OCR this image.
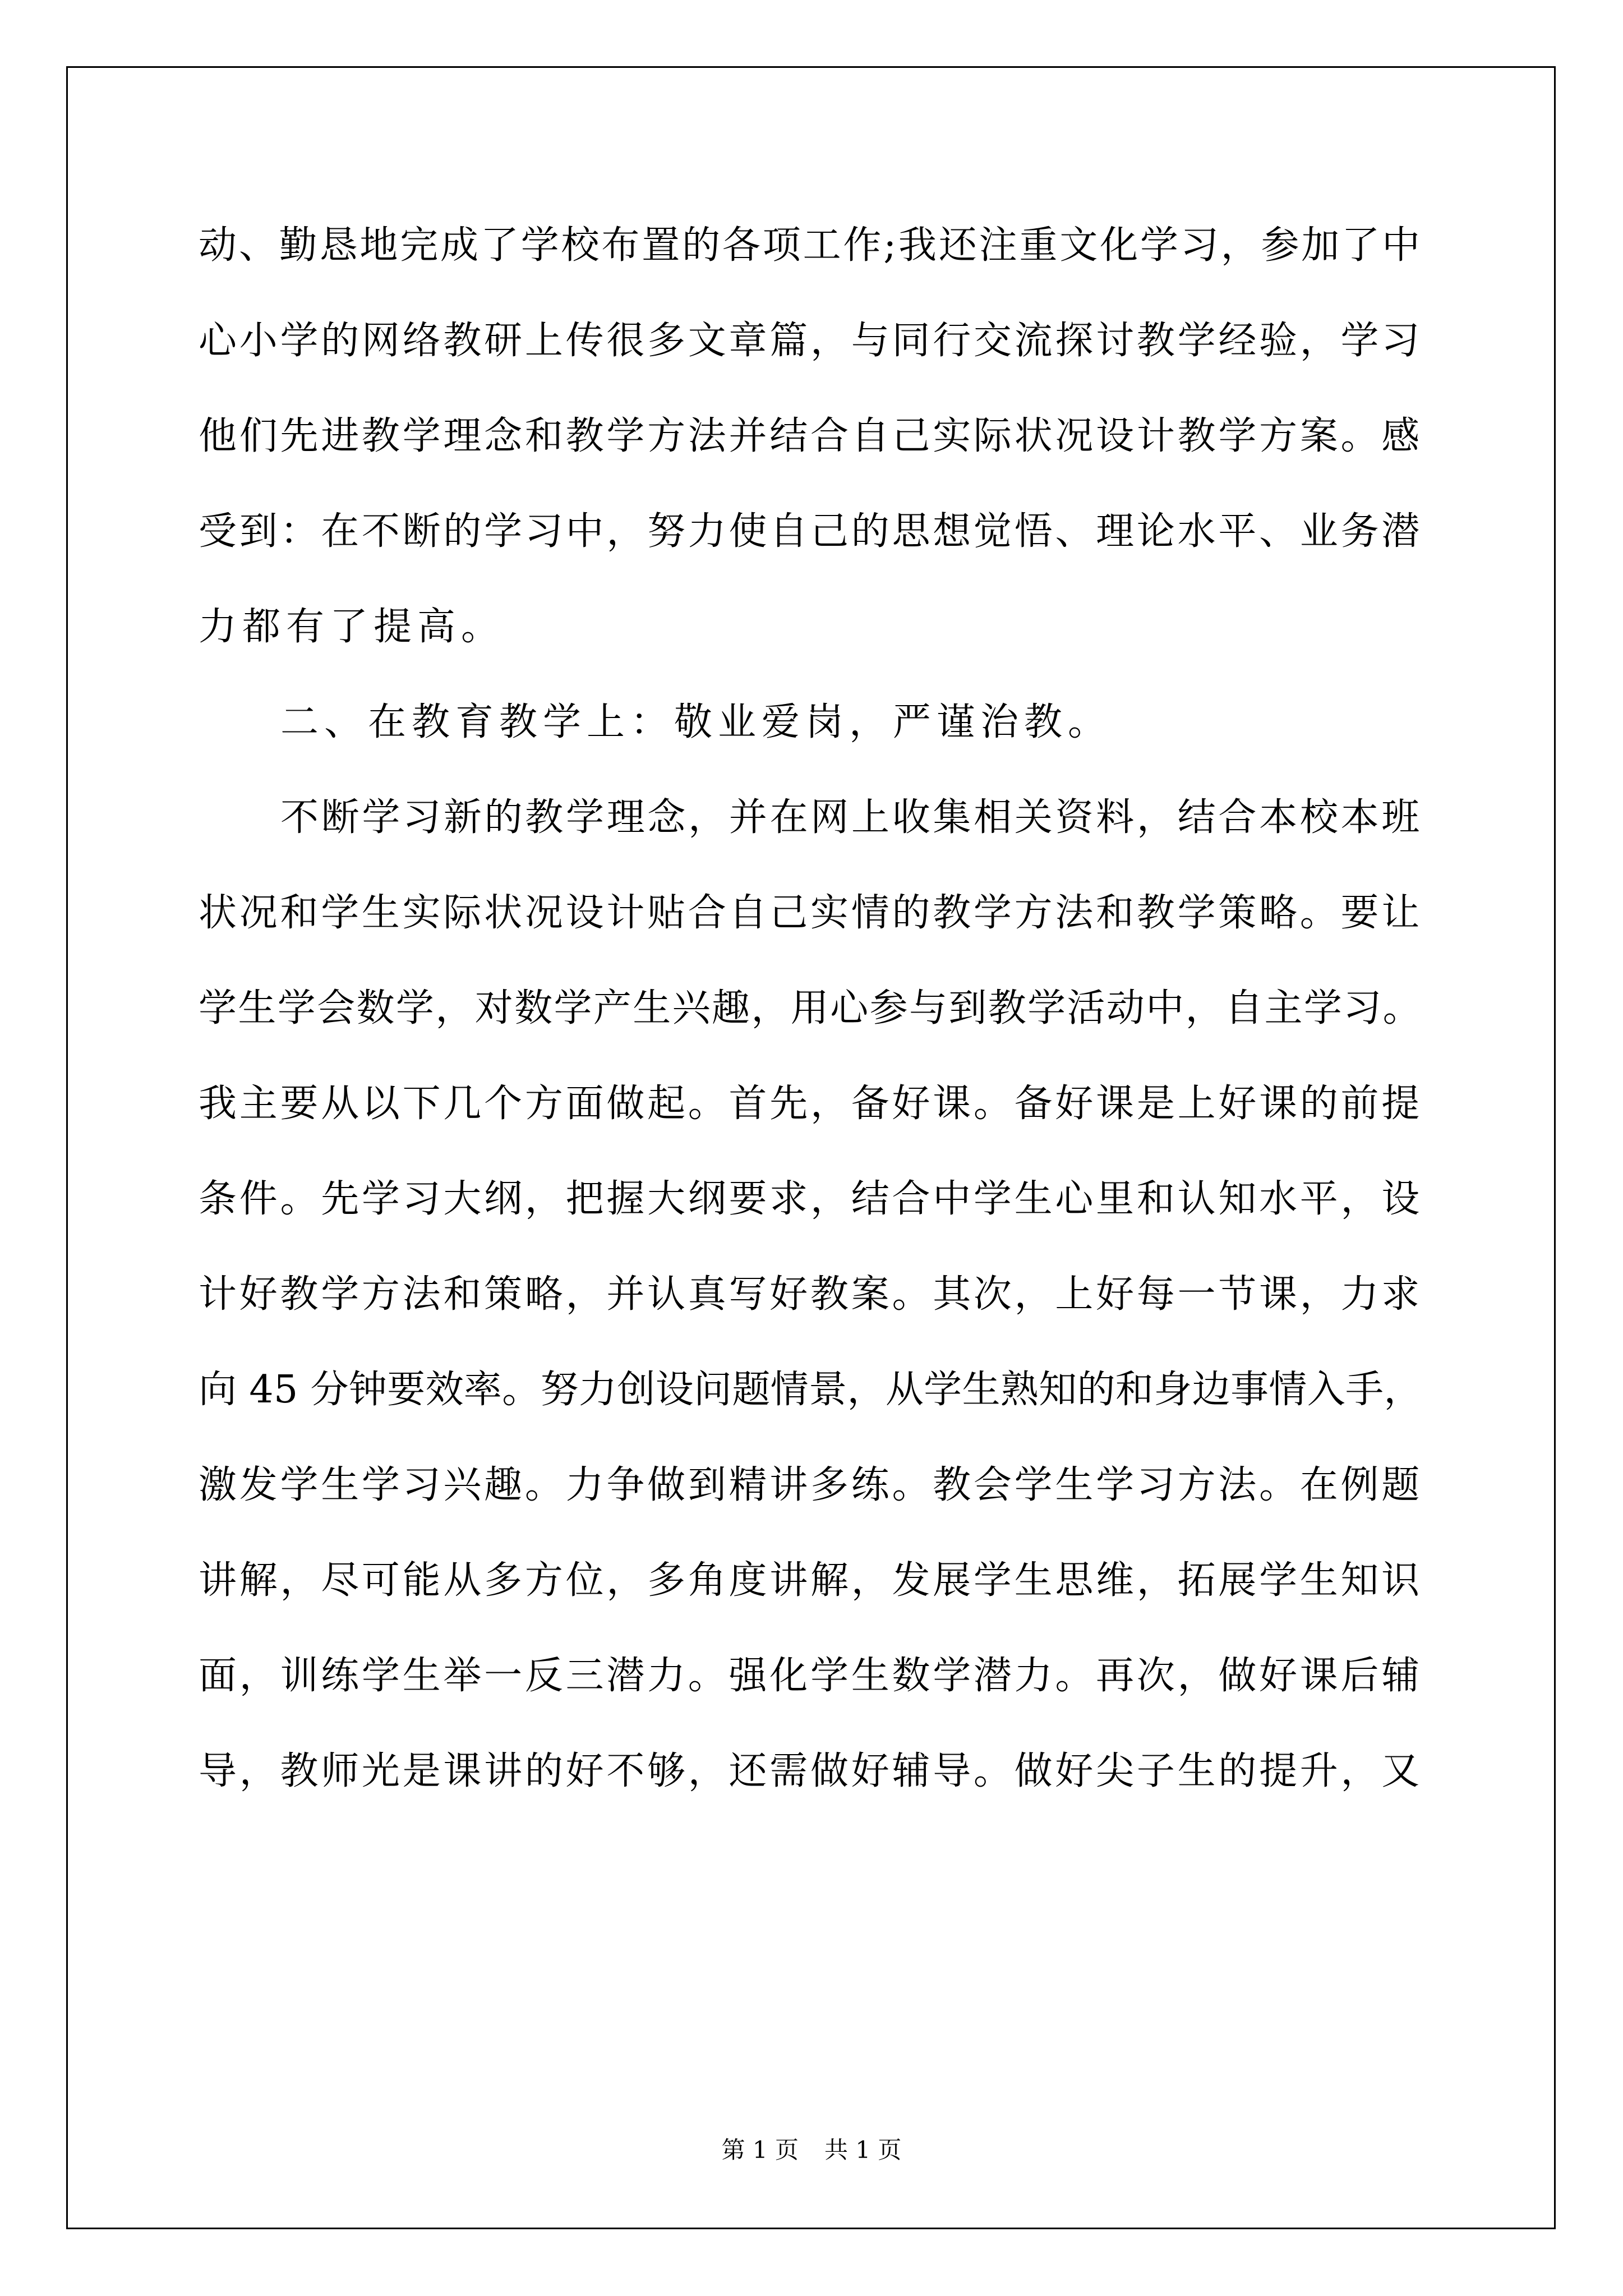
动、勤恳地完成了学校布置的各项工作;我还注重文化学习，参加了中

心小学的网络教研上传很多文章篇，与同行交流探讨教学经验，学习

他们先进教学理念和教学方法并结合自己实际状况设计教学方案。感

受到：在不断的学习中，努力使自己的思想觉悟、理论水平、业务潜

力都有了提高。

二、在教育教学上：敬业爱岗，严谨治教。

不断学习新的教学理念，并在网上收集相关资料，结合本校本班

状况和学生实际状况设计贴合自己实情的教学方法和教学策略。要让

学生学会数学，对数学产生兴趣，用心参与到教学活动中，自主学习。

我主要从以下几个方面做起。首先，备好课。备好课是上好课的前提

条件。先学习大纲，把握大纲要求，结合中学生心里和认知水平，设

计好教学方法和策略，并认真写好教案。其次，上好每一节课，力求

向 45 分钟要效率。努力创设问题情景，从学生熟知的和身边事情入手，

激发学生学习兴趣。力争做到精讲多练。教会学生学习方法。在例题

讲解，尽可能从多方位，多角度讲解，发展学生思维，拓展学生知识

面，训练学生举一反三潜力。强化学生数学潜力。再次，做好课后辅

导，教师光是课讲的好不够，还需做好辅导。做好尖子生的提升，又

第 1 页 共 1 页
